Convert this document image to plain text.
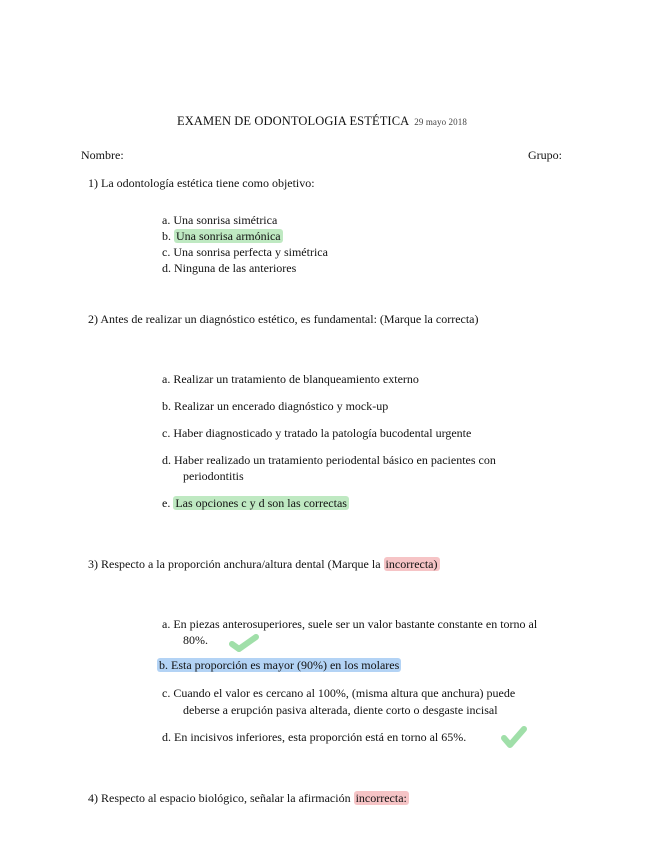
EXAMEN DE ODONTOLOGIA ESTÉTICA 29 mayo 2018
Nombre:	Grupo:
1) La odontología estética tiene como objetivo:
a. Una sonrisa simétrica
b. Una sonrisa armónica
c. Una sonrisa perfecta y simétrica
d. Ninguna de las anteriores
2) Antes de realizar un diagnóstico estético, es fundamental: (Marque la correcta)
a. Realizar un tratamiento de blanqueamiento externo
b. Realizar un encerado diagnóstico y mock-up
c. Haber diagnosticado y tratado la patología bucodental urgente
d. Haber realizado un tratamiento periodental básico en pacientes con
periodontitis
e. Las opciones c y d son las correctas
3) Respecto a la proporción anchura/altura dental (Marque la incorrecta)
a. En piezas anterosuperiores, suele ser un valor bastante constante en torno al
80%.
b. Esta proporción es mayor (90%) en los molares
c. Cuando el valor es cercano al 100%, (misma altura que anchura) puede
deberse a erupción pasiva alterada, diente corto o desgaste incisal
d. En incisivos inferiores, esta proporción está en torno al 65%.
4) Respecto al espacio biológico, señalar la afirmación incorrecta:
